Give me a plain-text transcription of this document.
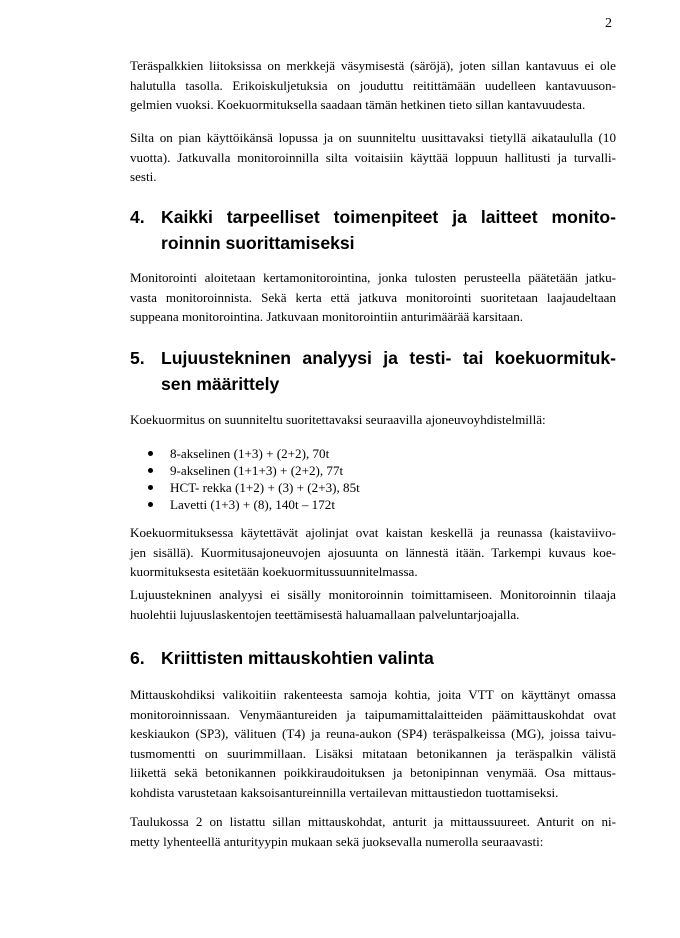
2
Teräspalkkien liitoksissa on merkkejä väsymisestä (säröjä), joten sillan kantavuus ei ole
halutulla tasolla. Erikoiskuljetuksia on jouduttu reitittämään uudelleen kantavuuson-
gelmien vuoksi. Koekuormituksella saadaan tämän hetkinen tieto sillan kantavuudesta.
Silta on pian käyttöikänsä lopussa ja on suunniteltu uusittavaksi tietyllä aikataululla (10
vuotta). Jatkuvalla monitoroinnilla silta voitaisiin käyttää loppuun hallitusti ja turvalli-
sesti.
4. Kaikki tarpeelliset toimenpiteet ja laitteet monito-
roinnin suorittamiseksi
Monitorointi aloitetaan kertamonitorointina, jonka tulosten perusteella päätetään jatku-
vasta monitoroinnista. Sekä kerta että jatkuva monitorointi suoritetaan laajaudeltaan
suppeana monitorointina. Jatkuvaan monitorointiin anturimäärää karsitaan.
5. Lujuustekninen analyysi ja testi- tai koekuormituk-
sen määrittely
Koekuormitus on suunniteltu suoritettavaksi seuraavilla ajoneuvoyhdistelmillä:
8-akselinen (1+3) + (2+2), 70t
9-akselinen (1+1+3) + (2+2), 77t
HCT- rekka (1+2) + (3) + (2+3), 85t
Lavetti (1+3) + (8), 140t – 172t
Koekuormituksessa käytettävät ajolinjat ovat kaistan keskellä ja reunassa (kaistaviivo-
jen sisällä). Kuormitusajoneuvojen ajosuunta on lännestä itään. Tarkempi kuvaus koe-
kuormituksesta esitetään koekuormitussuunnitelmassa.
Lujuustekninen analyysi ei sisälly monitoroinnin toimittamiseen. Monitoroinnin tilaaja
huolehtii lujuuslaskentojen teettämisestä haluamallaan palveluntarjoajalla.
6. Kriittisten mittauskohtien valinta
Mittauskohdiksi valikoitiin rakenteesta samoja kohtia, joita VTT on käyttänyt omassa
monitoroinnissaan. Venymäantureiden ja taipumamittalaitteiden päämittauskohdat ovat
keskiaukon (SP3), välituen (T4) ja reuna-aukon (SP4) teräspalkeissa (MG), joissa taivu-
tusmomentti on suurimmillaan. Lisäksi mitataan betonikannen ja teräspalkin välistä
liikettä sekä betonikannen poikkiraudoituksen ja betonipinnan venymää. Osa mittaus-
kohdista varustetaan kaksoisantureinnilla vertailevan mittaustiedon tuottamiseksi.
Taulukossa 2 on listattu sillan mittauskohdat, anturit ja mittaussuureet. Anturit on ni-
metty lyhenteellä anturityypin mukaan sekä juoksevalla numerolla seuraavasti:
